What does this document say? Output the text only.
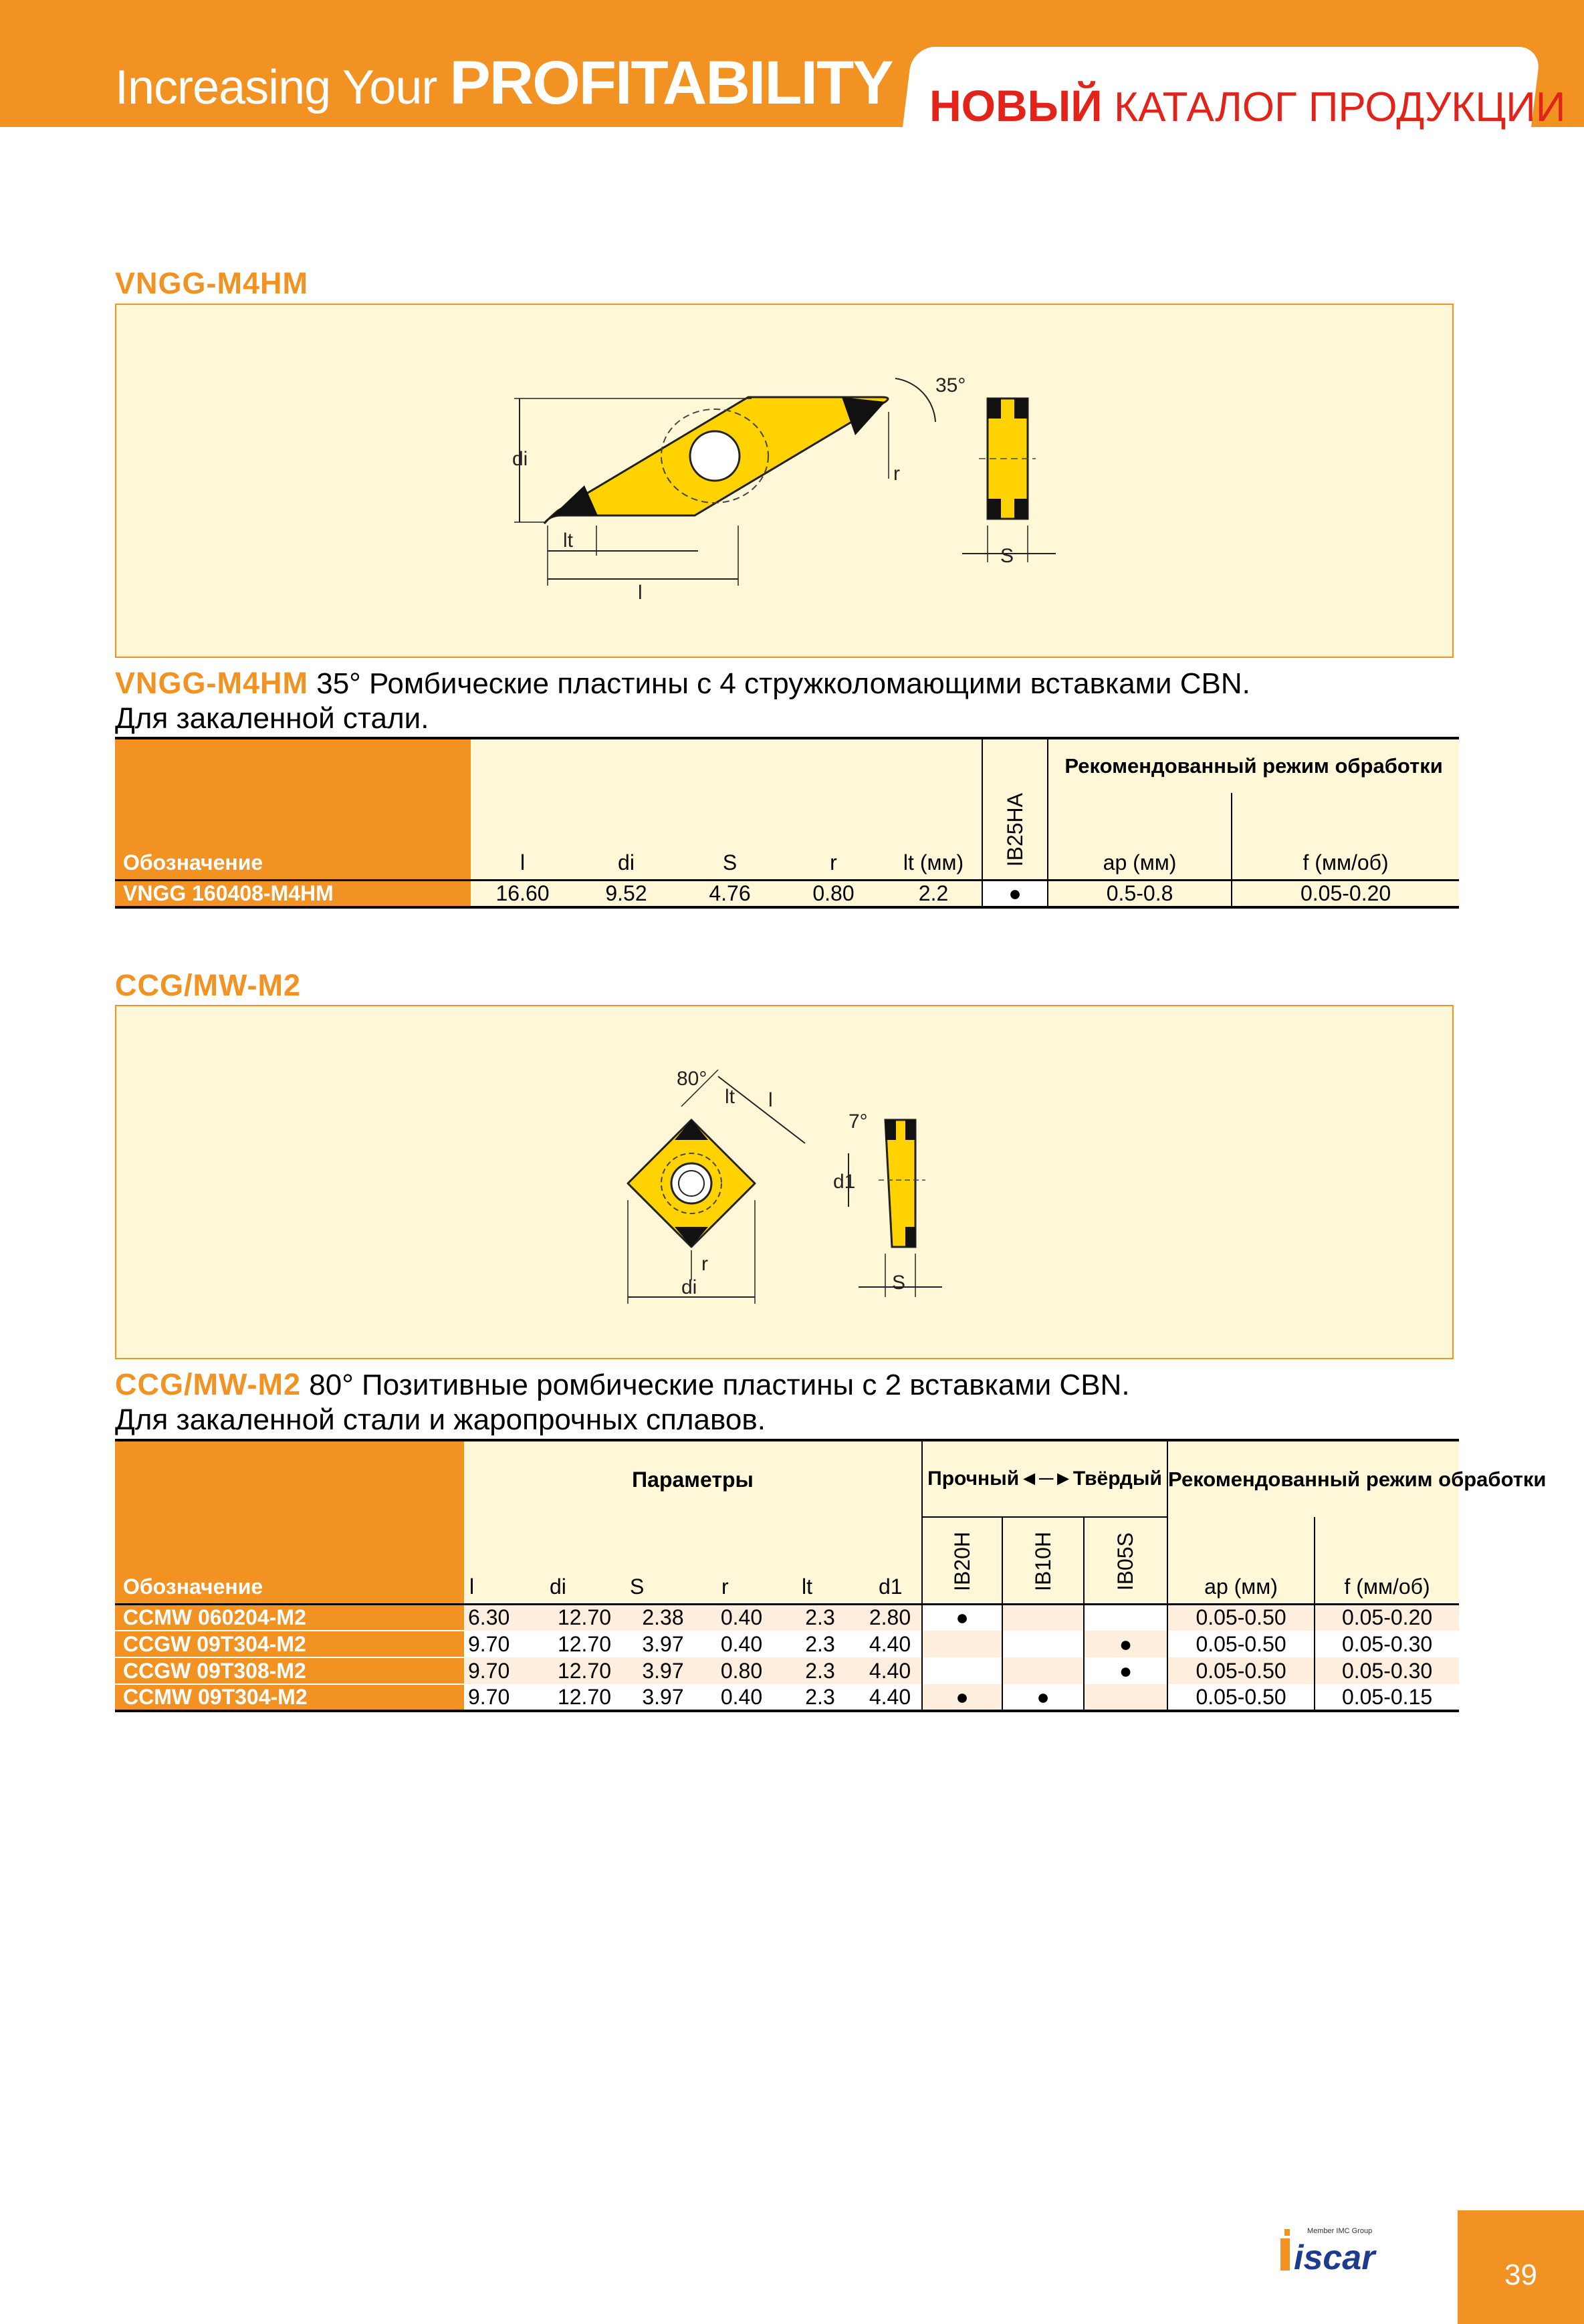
Increasing Your PROFITABILITY НОВЫЙ КАТАЛОГ ПРОДУКЦИИ
VNGG-M4HM
di
lt
l
35°
r
S
VNGG-M4HM 35° Ромбические пластины с 4 стружколомающими вставками CBN.
Для закаленной стали.
Обозначение						IB25HA	Рекомендованный режим обработки	
	l	di	S	r	lt (мм)		ap (мм)	f (мм/об)
VNGG 160408-M4HM	16.60	9.52	4.76	0.80	2.2	●	0.5-0.8	0.05-0.20
CCG/MW-M2
80°
lt l
r
di
7°
d1
S
CCG/MW-M2 80° Позитивные ромбические пластины с 2 вставками CBN.
Для закаленной стали и жаропрочных сплавов.
Обозначение	Параметры						Прочный◄─►Твёрдый			Рекомендованный режим обработки	
	l	di	S	r	lt	d1	IB20H	IB10H	IB05S	ap (мм)	f (мм/об)
CCMW 060204-M2	6.30	12.70	2.38	0.40	2.3	2.80	●			0.05-0.50	0.05-0.20
CCGW 09T304-M2	9.70	12.70	3.97	0.40	2.3	4.40			●	0.05-0.50	0.05-0.30
CCGW 09T308-M2	9.70	12.70	3.97	0.80	2.3	4.40			●	0.05-0.50	0.05-0.30
CCMW 09T304-M2	9.70	12.70	3.97	0.40	2.3	4.40	●	●		0.05-0.50	0.05-0.15
Member IMC Group
iscar	39
